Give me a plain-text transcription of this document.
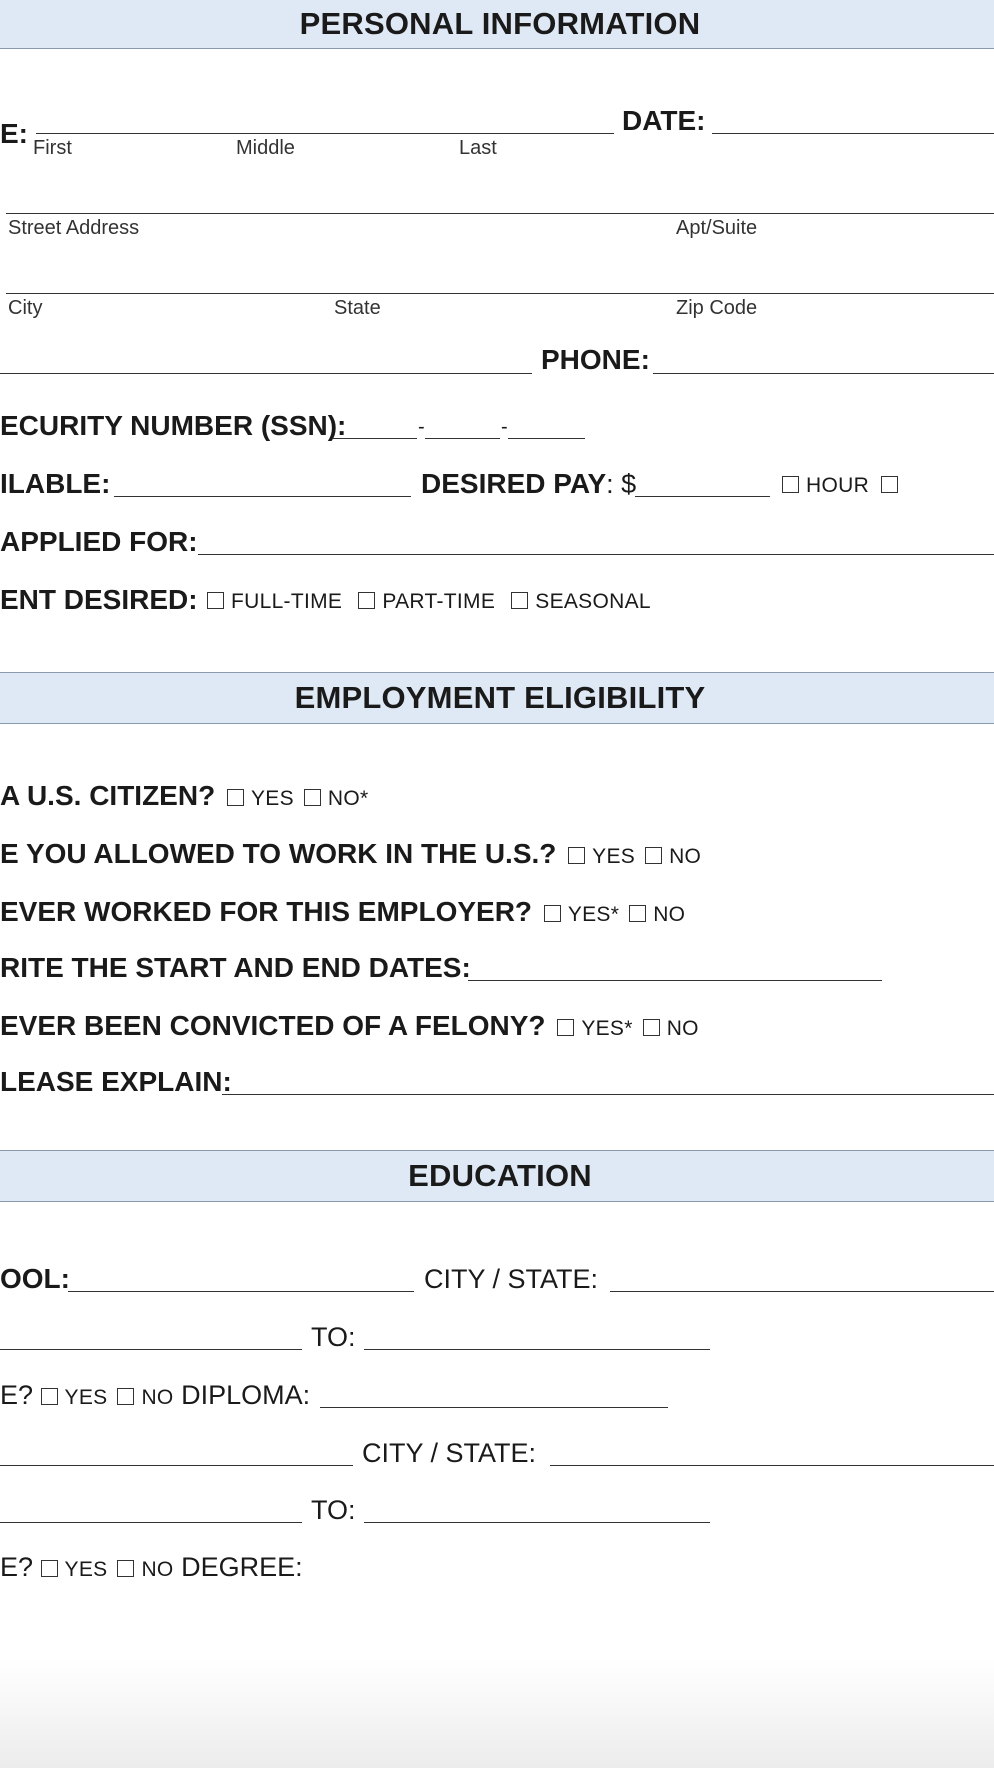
PERSONAL INFORMATION
E:	DATE:
First	Middle	Last
Street Address	Apt/Suite
City	State	Zip Code
PHONE:
ECURITY NUMBER (SSN):	-	-
ILABLE:	DESIRED PAY: $	HOUR
APPLIED FOR:
ENT DESIRED:	FULL-TIME PART-TIME SEASONAL
EMPLOYMENT ELIGIBILITY
A U.S. CITIZEN? YES NO*
E YOU ALLOWED TO WORK IN THE U.S.? YES NO
EVER WORKED FOR THIS EMPLOYER? YES* NO
RITE THE START AND END DATES:
EVER BEEN CONVICTED OF A FELONY? YES* NO
LEASE EXPLAIN:
EDUCATION
OOL:	CITY / STATE:
TO:
E? YES NO DIPLOMA:
CITY / STATE:
TO:
E? YES NO DEGREE:
